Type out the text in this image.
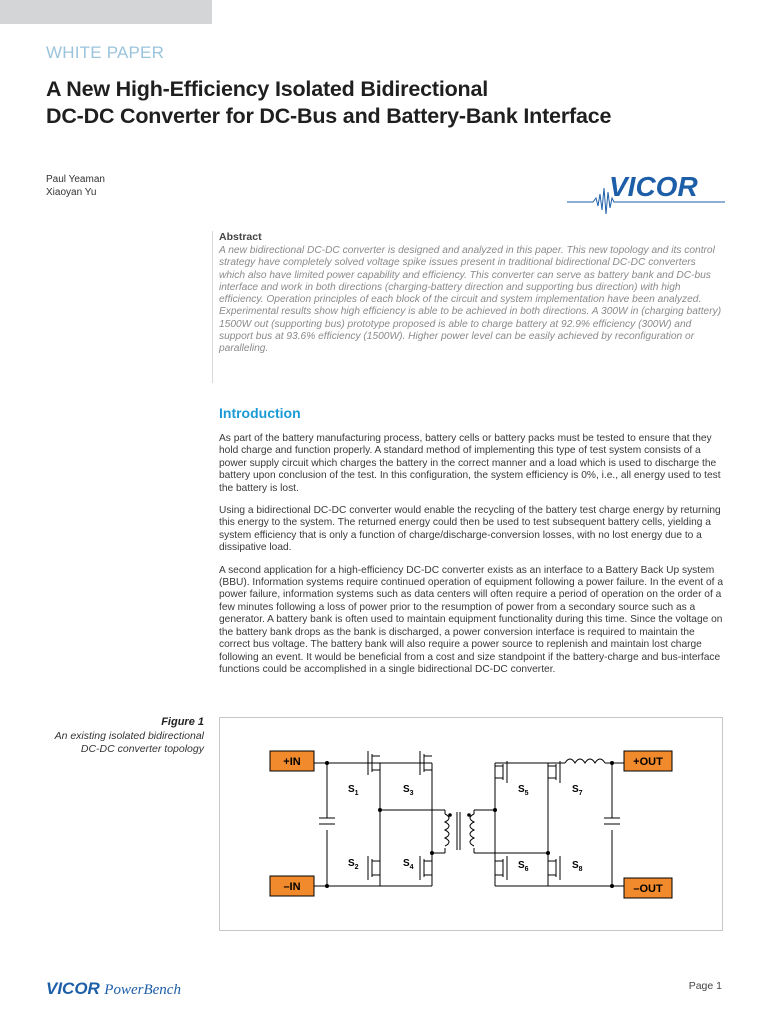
WHITE PAPER
A New High-Efficiency Isolated Bidirectional
DC-DC Converter for DC-Bus and Battery-Bank Interface
Paul Yeaman
Xiaoyan Yu	VICOR
Abstract

A new bidirectional DC-DC converter is designed and analyzed in this paper. This new topology and its control strategy have completely solved voltage spike issues present in traditional bidirectional DC-DC converters which also have limited power capability and efficiency. This converter can serve as battery bank and DC-bus interface and work in both directions (charging-battery direction and supporting bus direction) with high efficiency. Operation principles of each block of the circuit and system implementation have been analyzed. Experimental results show high efficiency is able to be achieved in both directions. A 300W in (charging battery) 1500W out (supporting bus) prototype proposed is able to charge battery at 92.9% efficiency (300W) and support bus at 93.6% efficiency (1500W). Higher power level can be easily achieved by reconfiguration or paralleling.

Introduction

As part of the battery manufacturing process, battery cells or battery packs must be tested to ensure that they hold charge and function properly. A standard method of implementing this type of test system consists of a power supply circuit which charges the battery in the correct manner and a load which is used to discharge the battery upon conclusion of the test. In this configuration, the system efficiency is 0%, i.e., all energy used to test the battery is lost.

Using a bidirectional DC-DC converter would enable the recycling of the battery test charge energy by returning this energy to the system. The returned energy could then be used to test subsequent battery cells, yielding a system efficiency that is only a function of charge/discharge-conversion losses, with no lost energy due to a dissipative load.

A second application for a high-efficiency DC-DC converter exists as an interface to a Battery Back Up system (BBU). Information systems require continued operation of equipment following a power failure. In the event of a power failure, information systems such as data centers will often require a period of operation on the order of a few minutes following a loss of power prior to the resumption of power from a secondary source such as a generator. A battery bank is often used to maintain equipment functionality during this time. Since the voltage on the battery bank drops as the bank is discharged, a power conversion interface is required to maintain the correct bus voltage. The battery bank will also require a power source to replenish and maintain lost charge following an event. It would be beneficial from a cost and size standpoint if the battery-charge and bus-interface functions could be accomplished in a single bidirectional DC-DC converter.

Figure 1
An existing isolated bidirectional
DC-DC converter topology
+IN
–IN
+OUT
–OUT
$S_1$	$S_3$
$S_2$	$S_4$
$S_5$	$S_7$
$S_6$	$S_8$
VICOR PowerBench	Page 1
